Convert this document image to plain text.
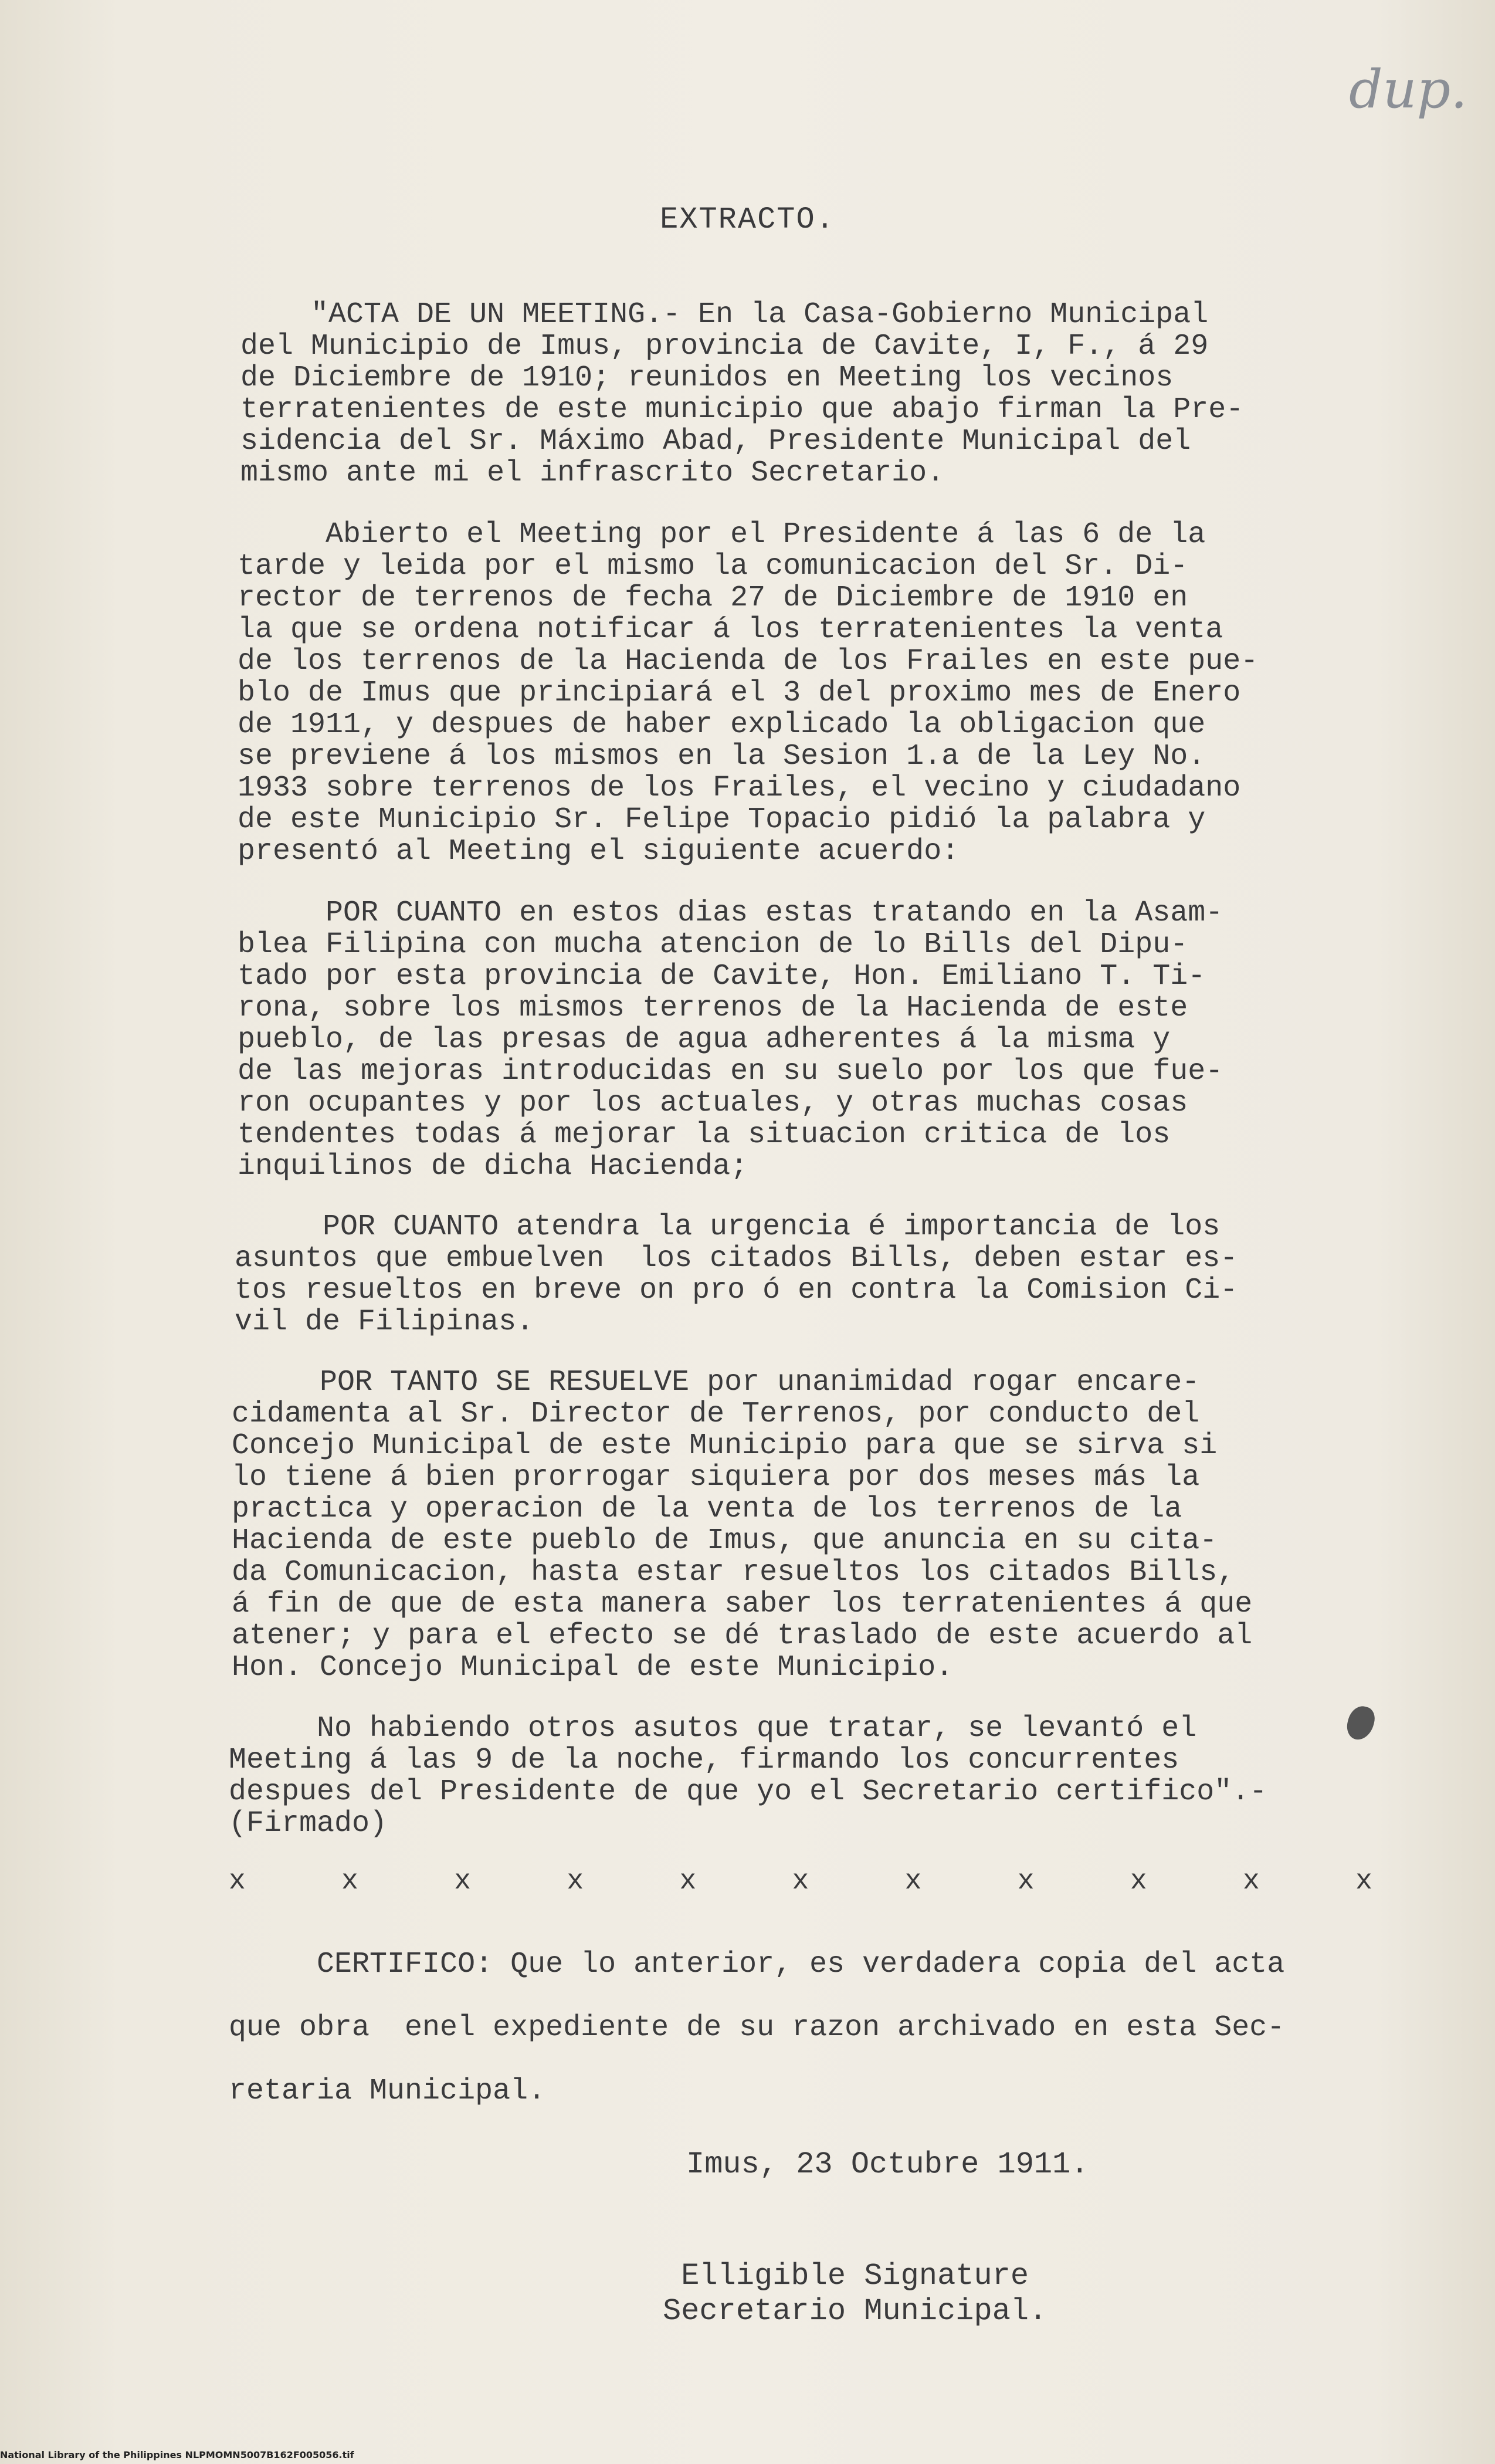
dup.
EXTRACTO.
"ACTA DE UN MEETING.- En la Casa-Gobierno Municipal
del Municipio de Imus, provincia de Cavite, I, F., á 29
de Diciembre de 1910; reunidos en Meeting los vecinos
terratenientes de este municipio que abajo firman la Pre-
sidencia del Sr. Máximo Abad, Presidente Municipal del
mismo ante mi el infrascrito Secretario.
Abierto el Meeting por el Presidente á las 6 de la
tarde y leida por el mismo la comunicacion del Sr. Di-
rector de terrenos de fecha 27 de Diciembre de 1910 en
la que se ordena notificar á los terratenientes la venta
de los terrenos de la Hacienda de los Frailes en este pue-
blo de Imus que principiará el 3 del proximo mes de Enero
de 1911, y despues de haber explicado la obligacion que
se previene á los mismos en la Sesion 1.a de la Ley No.
1933 sobre terrenos de los Frailes, el vecino y ciudadano
de este Municipio Sr. Felipe Topacio pidió la palabra y
presentó al Meeting el siguiente acuerdo:
POR CUANTO en estos dias estas tratando en la Asam-
blea Filipina con mucha atencion de lo Bills del Dipu-
tado por esta provincia de Cavite, Hon. Emiliano T. Ti-
rona, sobre los mismos terrenos de la Hacienda de este
pueblo, de las presas de agua adherentes á la misma y
de las mejoras introducidas en su suelo por los que fue-
ron ocupantes y por los actuales, y otras muchas cosas
tendentes todas á mejorar la situacion critica de los
inquilinos de dicha Hacienda;
POR CUANTO atendra la urgencia é importancia de los
asuntos que embuelven  los citados Bills, deben estar es-
tos resueltos en breve on pro ó en contra la Comision Ci-
vil de Filipinas.
POR TANTO SE RESUELVE por unanimidad rogar encare-
cidamenta al Sr. Director de Terrenos, por conducto del
Concejo Municipal de este Municipio para que se sirva si
lo tiene á bien prorrogar siquiera por dos meses más la
practica y operacion de la venta de los terrenos de la
Hacienda de este pueblo de Imus, que anuncia en su cita-
da Comunicacion, hasta estar resueltos los citados Bills,
á fin de que de esta manera saber los terratenientes á que
atener; y para el efecto se dé traslado de este acuerdo al
Hon. Concejo Municipal de este Municipio.
No habiendo otros asutos que tratar, se levantó el
Meeting á las 9 de la noche, firmando los concurrentes
despues del Presidente de que yo el Secretario certifico".-
(Firmado)
x	x	x	x	x	x	x	x	x	x	x
CERTIFICO: Que lo anterior, es verdadera copia del acta
que obra  enel expediente de su razon archivado en esta Sec-
retaria Municipal.
Imus, 23 Octubre 1911.
Elligible Signature
Secretario Municipal.
National Library of the Philippines NLPMOMN5007B162F005056.tif
